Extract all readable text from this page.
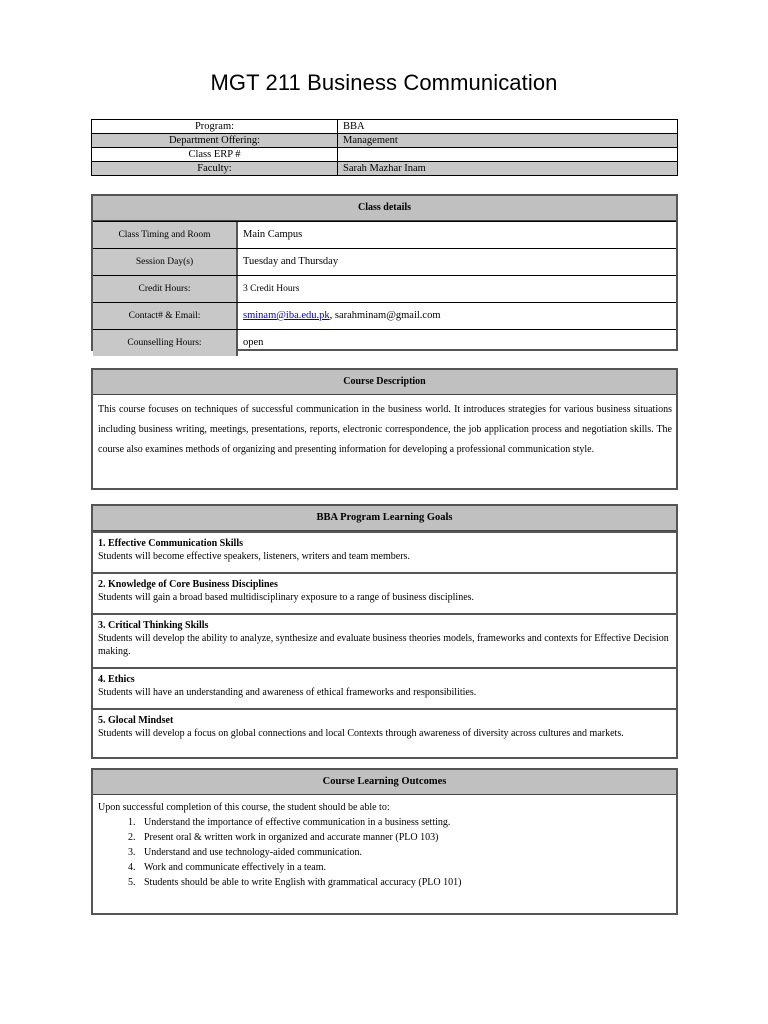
MGT 211 Business Communication
Program:	BBA
Department Offering:	Management
Class ERP #	
Faculty:	Sarah Mazhar Inam
Class details
Class Timing and Room	Main Campus
Session Day(s)	Tuesday and Thursday
Credit Hours:	3 Credit Hours
Contact# & Email:	sminam@iba.edu.pk, sarahminam@gmail.com
Counselling Hours:	open
Course Description
This course focuses on techniques of successful communication in the business world. It introduces strategies for various business situations including business writing, meetings, presentations, reports, electronic correspondence, the job application process and negotiation skills. The course also examines methods of organizing and presenting information for developing a professional communication style.
BBA Program Learning Goals
1. Effective Communication Skills
Students will become effective speakers, listeners, writers and team members.
2. Knowledge of Core Business Disciplines
Students will gain a broad based multidisciplinary exposure to a range of business disciplines.
3. Critical Thinking Skills
Students will develop the ability to analyze, synthesize and evaluate business theories models, frameworks and contexts for Effective Decision making.
4. Ethics
Students will have an understanding and awareness of ethical frameworks and responsibilities.
5. Glocal Mindset
Students will develop a focus on global connections and local Contexts through awareness of diversity across cultures and markets.
Course Learning Outcomes
Upon successful completion of this course, the student should be able to:
1. Understand the importance of effective communication in a business setting.
2. Present oral & written work in organized and accurate manner (PLO 103)
3. Understand and use technology-aided communication.
4. Work and communicate effectively in a team.
5. Students should be able to write English with grammatical accuracy (PLO 101)
